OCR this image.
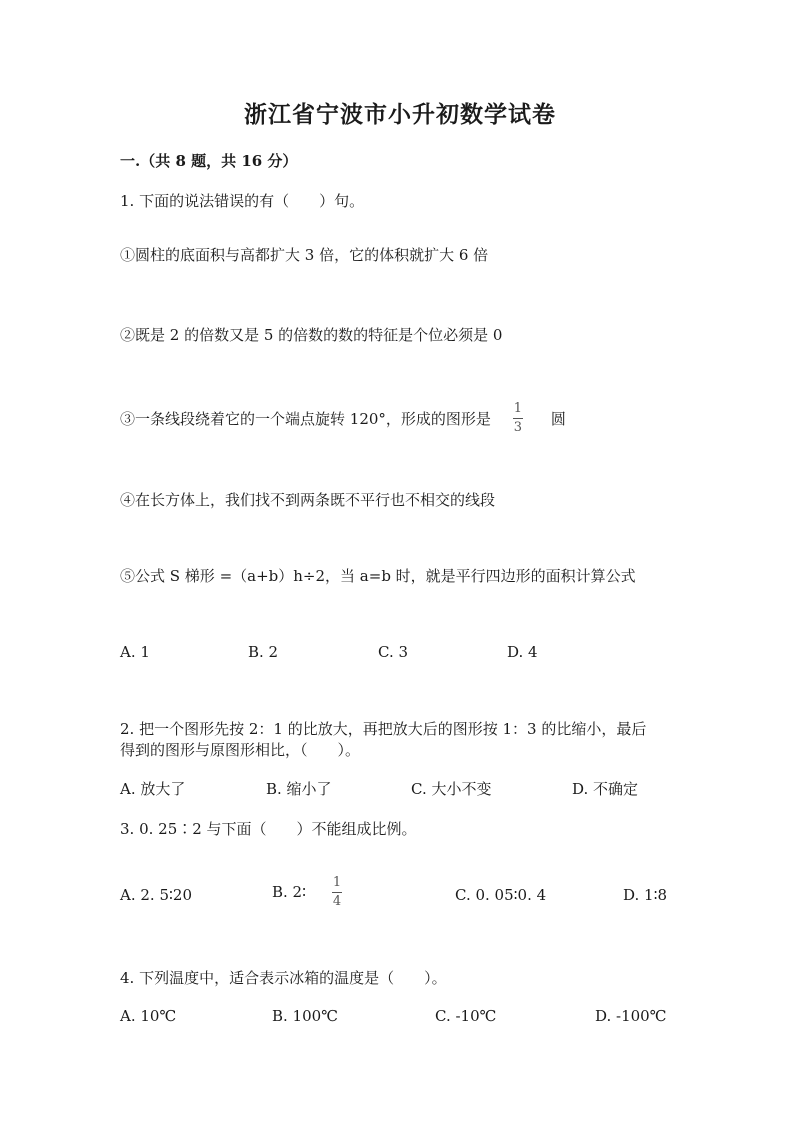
浙江省宁波市小升初数学试卷
一.（共 8 题，共 16 分）
1. 下面的说法错误的有（　　）句。
①圆柱的底面积与高都扩大 3 倍，它的体积就扩大 6 倍
②既是 2 的倍数又是 5 的倍数的数的特征是个位必须是 0
③一条线段绕着它的一个端点旋转 120°，形成的图形是 $\frac{1}{3}$ 圆
④在长方体上，我们找不到两条既不平行也不相交的线段
⑤公式 S 梯形 =（a+b）h÷2，当 a=b 时，就是平行四边形的面积计算公式
A. 1	B. 2	C. 3	D. 4
2. 把一个图形先按 2：1 的比放大，再把放大后的图形按 1：3 的比缩小，最后
得到的图形与原图形相比，（　　）。
A. 放大了	B. 缩小了	C. 大小不变	D. 不确定
3. 0. 25∶2 与下面（　　）不能组成比例。
A. 2. 5∶20	B. 2∶ $\frac{1}{4}$	C. 0. 05∶0. 4	D. 1∶8
4. 下列温度中，适合表示冰箱的温度是（　　）。
A. 10℃	B. 100℃	C. -10℃	D. -100℃
